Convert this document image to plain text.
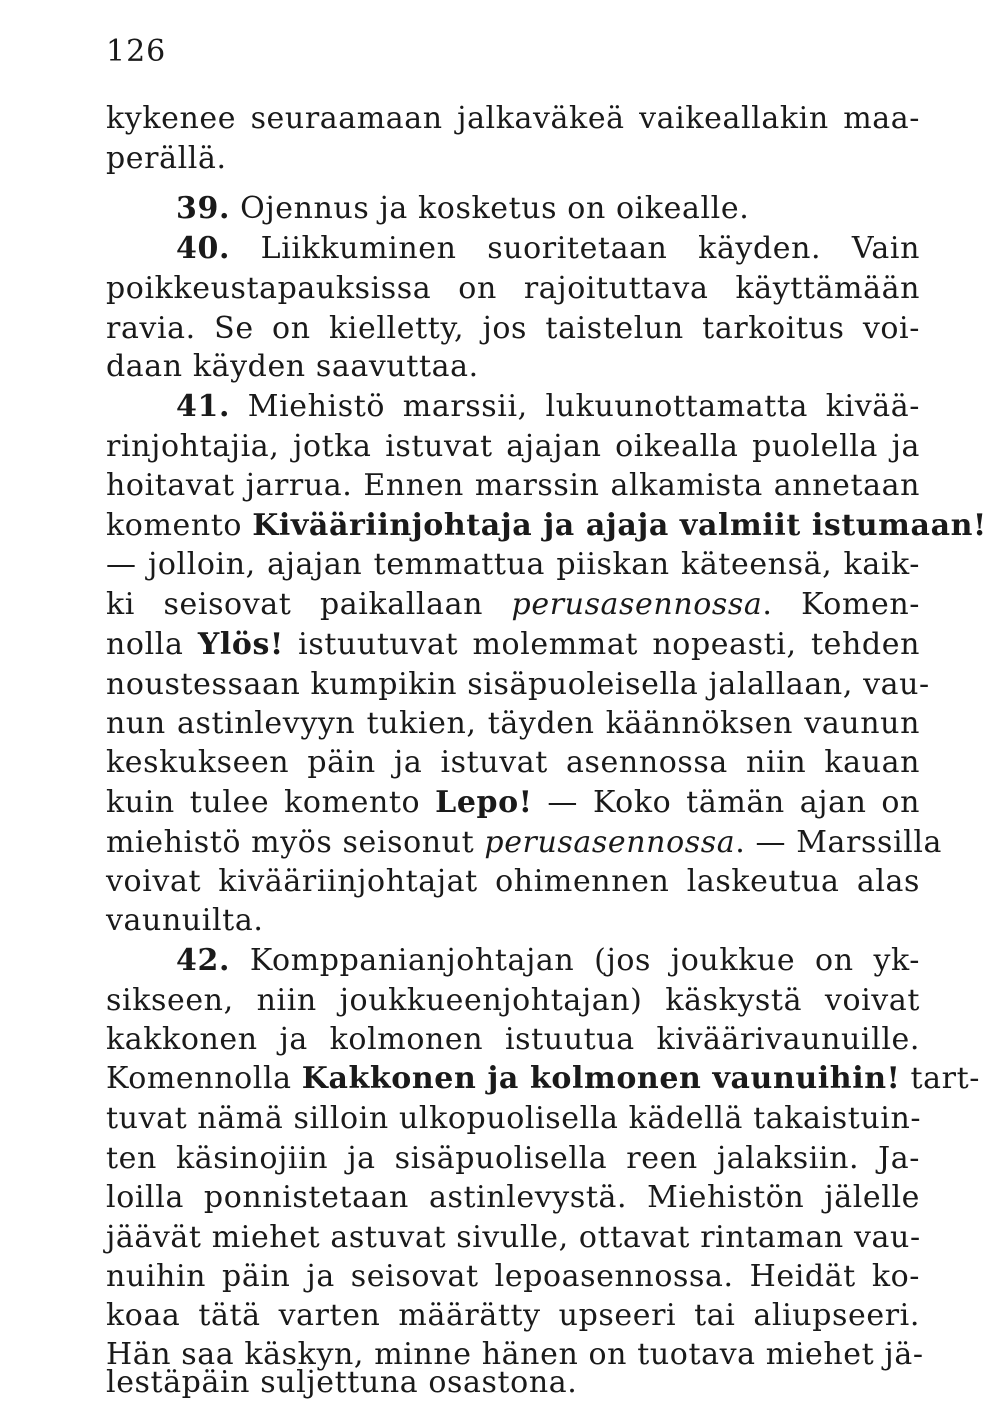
126
kykenee seuraamaan jalkaväkeä vaikeallakin maa-
perällä.
39. Ojennus ja kosketus on oikealle.
40. Liikkuminen suoritetaan käyden. Vain
poikkeustapauksissa on rajoituttava käyttämään
ravia. Se on kielletty, jos taistelun tarkoitus voi-
daan käyden saavuttaa.
41. Miehistö marssii, lukuunottamatta kivää-
rinjohtajia, jotka istuvat ajajan oikealla puolella ja
hoitavat jarrua. Ennen marssin alkamista annetaan
komento Kivääriinjohtaja ja ajaja valmiit istumaan!
— jolloin, ajajan temmattua piiskan käteensä, kaik-
ki seisovat paikallaan perusasennossa. Komen-
nolla Ylös! istuutuvat molemmat nopeasti, tehden
noustessaan kumpikin sisäpuoleisella jalallaan, vau-
nun astinlevyyn tukien, täyden käännöksen vaunun
keskukseen päin ja istuvat asennossa niin kauan
kuin tulee komento Lepo! — Koko tämän ajan on
miehistö myös seisonut perusasennossa. — Marssilla
voivat kivääriinjohtajat ohimennen laskeutua alas
vaunuilta.
42. Komppanianjohtajan (jos joukkue on yk-
sikseen, niin joukkueenjohtajan) käskystä voivat
kakkonen ja kolmonen istuutua kiväärivaunuille.
Komennolla Kakkonen ja kolmonen vaunuihin! tart-
tuvat nämä silloin ulkopuolisella kädellä takaistuin-
ten käsinojiin ja sisäpuolisella reen jalaksiin. Ja-
loilla ponnistetaan astinlevystä. Miehistön jälelle
jäävät miehet astuvat sivulle, ottavat rintaman vau-
nuihin päin ja seisovat lepoasennossa. Heidät ko-
koaa tätä varten määrätty upseeri tai aliupseeri.
Hän saa käskyn, minne hänen on tuotava miehet jä-
lestäpäin suljettuna osastona.
